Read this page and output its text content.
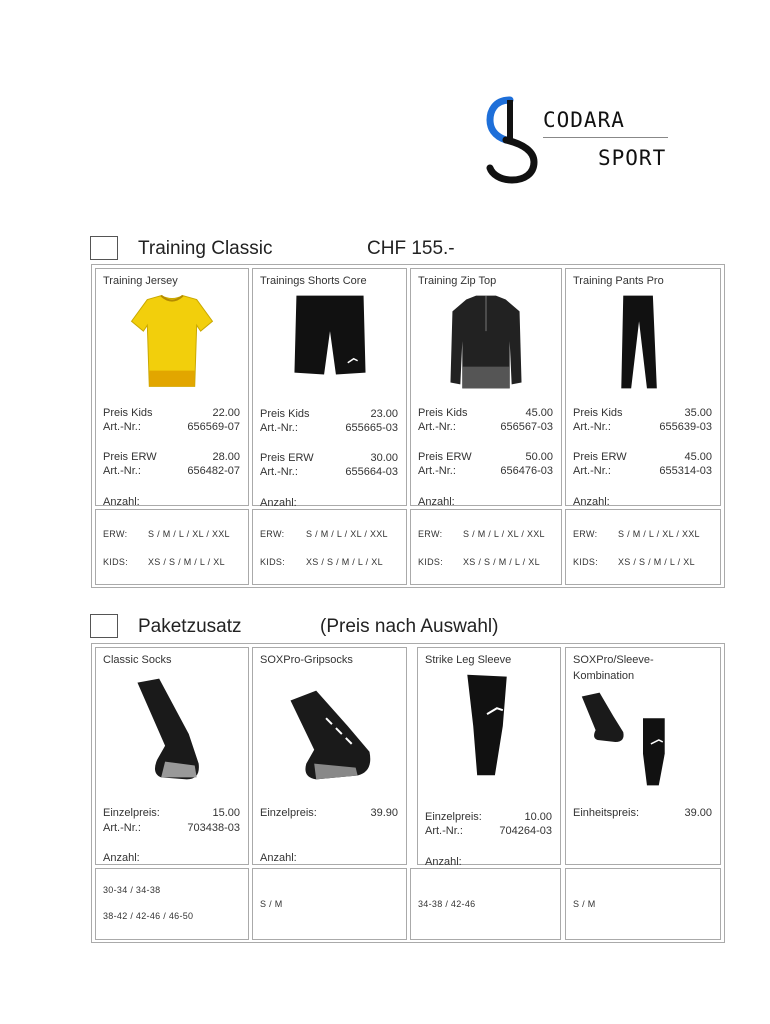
CODARA
SPORT
Training Classic	CHF 155.-
Training Jersey
Preis Kids	22.00
Art.-Nr.:	656569-07
Preis ERW	28.00
Art.-Nr.:	656482-07
Anzahl:
ERW: S / M / L / XL / XXL
KIDS: XS / S / M / L / XL
Trainings Shorts Core
Preis Kids	23.00
Art.-Nr.:	655665-03
Preis ERW	30.00
Art.-Nr.:	655664-03
Anzahl:
ERW: S / M / L / XL / XXL
KIDS: XS / S / M / L / XL
Training Zip Top
Preis Kids	45.00
Art.-Nr.:	656567-03
Preis ERW	50.00
Art.-Nr.:	656476-03
Anzahl:
ERW: S / M / L / XL / XXL
KIDS: XS / S / M / L / XL
Training Pants Pro
Preis Kids	35.00
Art.-Nr.:	655639-03
Preis ERW	45.00
Art.-Nr.:	655314-03
Anzahl:
ERW: S / M / L / XL / XXL
KIDS: XS / S / M / L / XL
Paketzusatz	(Preis nach Auswahl)
Classic Socks
Einzelpreis:	15.00
Art.-Nr.:	703438-03
Anzahl:
30-34 / 34-38
38-42 / 42-46 / 46-50
SOXPro-Gripsocks
Einzelpreis:	39.90
Anzahl:
S / M
Strike Leg Sleeve
Einzelpreis:	10.00
Art.-Nr.:	704264-03
Anzahl:
34-38 / 42-46
SOXPro/Sleeve-
Kombination
Einheitspreis:	39.00
S / M
